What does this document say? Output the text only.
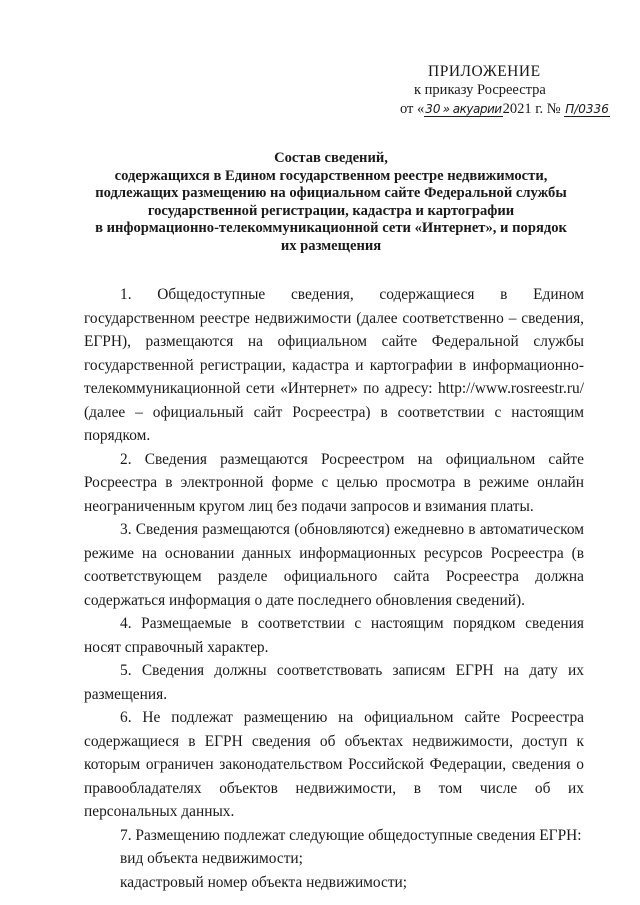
ПРИЛОЖЕНИЕ
к приказу Росреестра
от «30 » ​акуарии2021 г. № П/0336
Состав сведений,
содержащихся в Едином государственном реестре недвижимости,
подлежащих размещению на официальном сайте Федеральной службы
государственной регистрации, кадастра и картографии
в информационно-телекоммуникационной сети «Интернет», и порядок
их размещения

1. Общедоступные сведения, содержащиеся в Едином государственном реестре недвижимости (далее соответственно – сведения, ЕГРН), размещаются на официальном сайте Федеральной службы государственной регистрации, кадастра и картографии в информационно-телекоммуникационной сети «Интернет» по адресу: http://www.rosreestr.ru/ (далее – официальный сайт Росреестра) в соответствии с настоящим порядком.

2. Сведения размещаются Росреестром на официальном сайте Росреестра в электронной форме с целью просмотра в режиме онлайн неограниченным кругом лиц без подачи запросов и взимания платы.

3. Сведения размещаются (обновляются) ежедневно в автоматическом режиме на основании данных информационных ресурсов Росреестра (в соответствующем разделе официального сайта Росреестра должна содержаться информация о дате последнего обновления сведений).

4. Размещаемые в соответствии с настоящим порядком сведения носят справочный характер.

5. Сведения должны соответствовать записям ЕГРН на дату их размещения.

6. Не подлежат размещению на официальном сайте Росреестра содержащиеся в ЕГРН сведения об объектах недвижимости, доступ к которым ограничен законодательством Российской Федерации, сведения о правообладателях объектов недвижимости, в том числе об их персональных данных.

7. Размещению подлежат следующие общедоступные сведения ЕГРН:

вид объекта недвижимости;

кадастровый номер объекта недвижимости;
